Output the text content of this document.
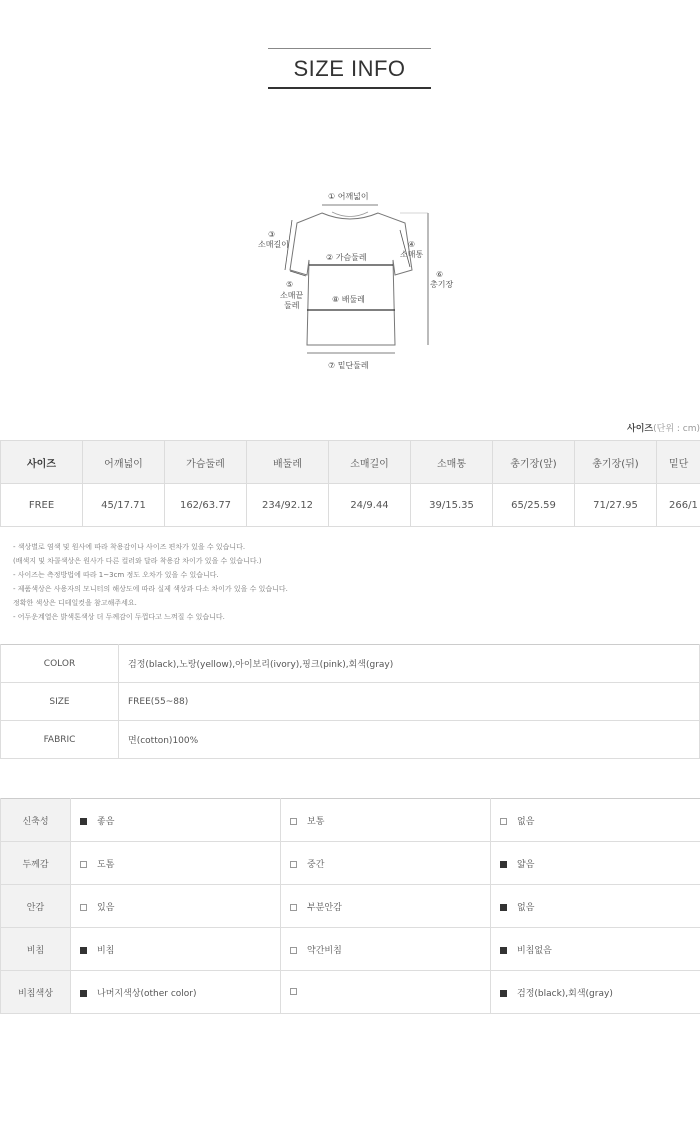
SIZE INFO
① 어깨넓이
③
소매길이
② 가슴둘레
④
소매통
⑥
총기장
⑤
소매끝
둘레
⑧ 배둘레
⑦ 밑단둘레
사이즈(단위 : cm)
사이즈	어깨넓이	가슴둘레	배둘레	소매길이	소매통	총기장(앞)	총기장(뒤)	밑단
FREE	45/17.71	162/63.77	234/92.12	24/9.44	39/15.35	65/25.59	71/27.95	266/1
- 색상별로 염색 및 원사에 따라 착용감이나 사이즈 편차가 있을 수 있습니다.
(배색지 및 차콜색상은 원사가 다른 컬러와 달라 착용감 차이가 있을 수 있습니다.)
- 사이즈는 측정방법에 따라 1~3cm 정도 오차가 있을 수 있습니다.
- 제품색상은 사용자의 모니터의 해상도에 따라 실제 색상과 다소 차이가 있을 수 있습니다.
정확한 색상은 디테일컷을 참고해주세요.
- 어두운계열은 밝색톤색상 더 두께감이 두껍다고 느껴질 수 있습니다.
COLOR	검정(black),노랑(yellow),아이보리(ivory),핑크(pink),회색(gray)
SIZE	FREE(55~88)
FABRIC	면(cotton)100%
신축성	좋음	보통	없음
두께감	도톰	중간	얇음
안감	있음	부분안감	없음
비침	비침	약간비침	비침없음
비침색상	나머지색상(other color)		검정(black),회색(gray)
